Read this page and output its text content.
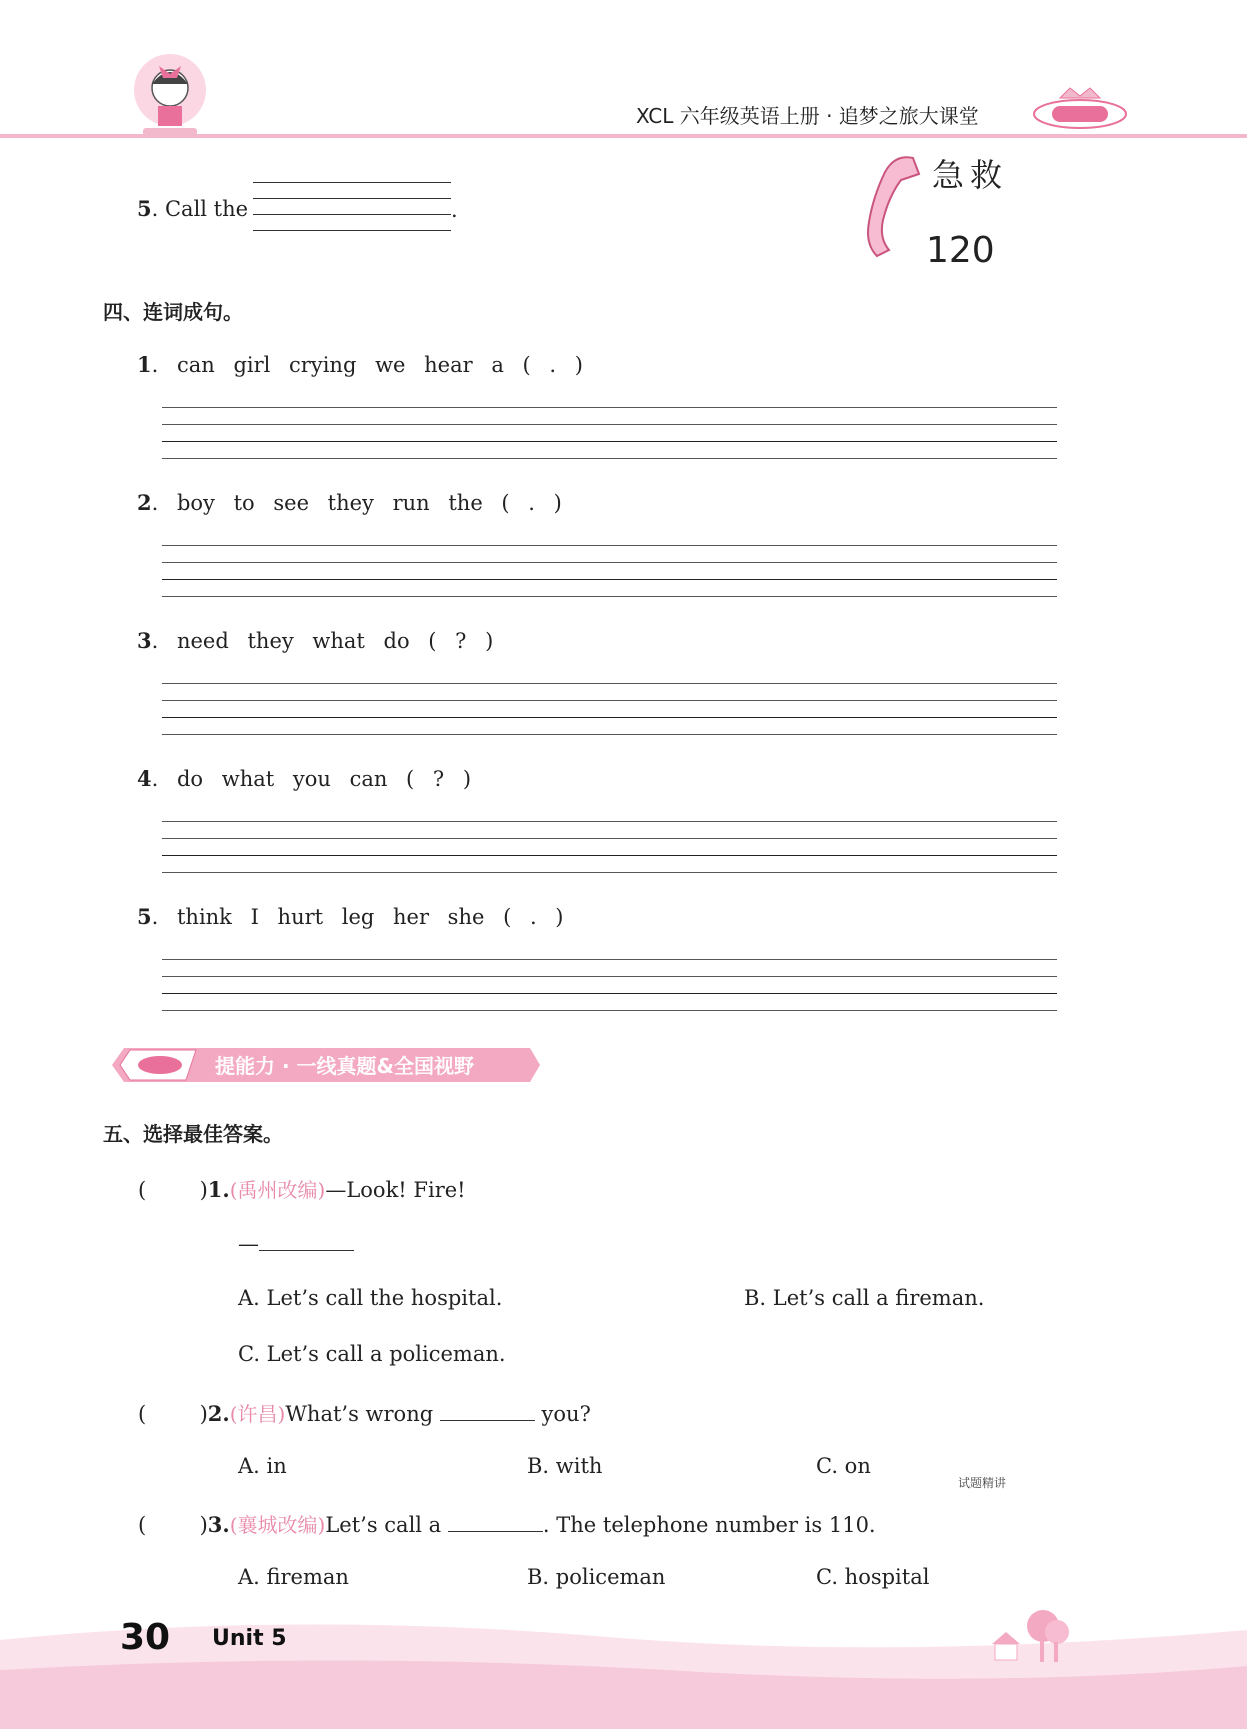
XCL 六年级英语上册 · 追梦之旅大课堂
5. Call the	.
急救
120
四、连词成句。
1. can girl crying we hear a ( . )
2. boy to see they run the ( . )
3. need they what do ( ? )
4. do what you can ( ? )
5. think I hurt leg her she ( . )
提能力 · 一线真题&全国视野
五、选择最佳答案。
(        )1.(禹州改编)—Look! Fire!
—
A. Let’s call the hospital.	B. Let’s call a fireman.
C. Let’s call a policeman.
(        )2.(许昌)What’s wrong	you?
A. in	B. with	C. on
试题精讲
(        )3.(襄城改编)Let’s call a	. The telephone number is 110.
A. fireman	B. policeman	C. hospital
30 Unit 5
